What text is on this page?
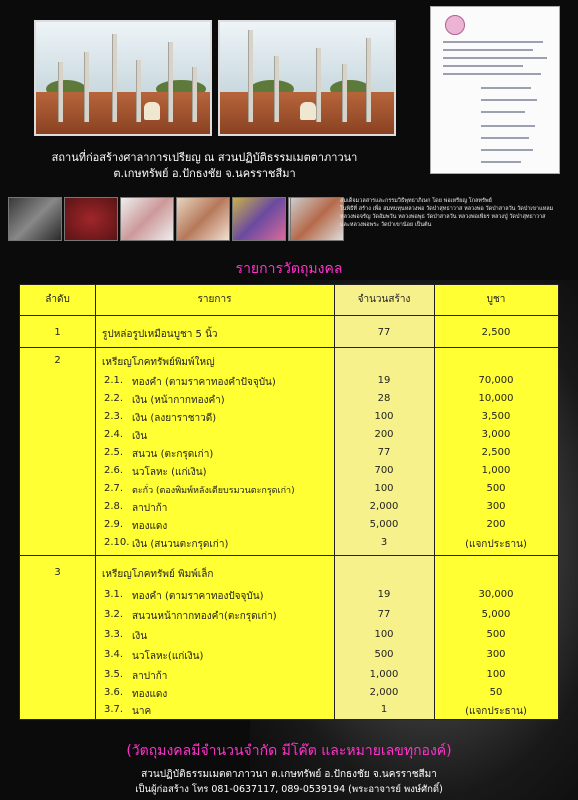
สถานที่ก่อสร้างศาลาการเปรียญ ณ สวนปฏิบัติธรรมเมตตาภาวนา
ต.เกษทรัพย์ อ.ปักธงชัย จ.นครราชสีมา
สมเด็จมวลสารและกรรมวิธีพุทธาภิเษก โดย พ่อเหรียญ โกลทรัพย์
ในพิธีที่ สร้าง เพื่อ สมทบทุนหลวงพ่อ วัดป่าสุทธาวาส หลวงพ่อ วัดป่าสาลวัน วัดป่าเขาแหลม
หลวงพ่อจรัญ วัดอัมพวัน หลวงพ่อพุธ วัดป่าสาลวัน หลวงพ่อเพียร หลวงปู่ วัดป่าสุทธาวาส
และหลวงพ่อพระ วัดป่าเขาน้อย เป็นต้น
รายการวัตถุมงคล
ลำดับ	รายการ	จำนวนสร้าง	บูชา
1	รูปหล่อรูปเหมือนบูชา 5 นิ้ว	77	2,500
2	เหรียญโภคทรัพย์พิมพ์ใหญ่
2.1. ทองคำ (ตามราคาทองคำปัจจุบัน)	19	70,000
2.2. เงิน (หน้ากากทองคำ)	28	10,000
2.3. เงิน (ลงยาราชาวดี)	100	3,500
2.4. เงิน	200	3,000
2.5. สนวน (ตะกรุดเก่า)	77	2,500
2.6. นวโลหะ (แก่เงิน)	700	1,000
2.7. ตะกั่ว (ตองพิมพ์หลังเตียบรมวนตะกรุดเก่า)	100	500
2.8. ลาปาก้า	2,000	300
2.9. ทองแดง	5,000	200
2.10. เงิน (สนวนตะกรุดเก่า)	3	(แจกประธาน)
3	เหรียญโภคทรัพย์ พิมพ์เล็ก
3.1. ทองคำ (ตามราคาทองปัจจุบัน)	19	30,000
3.2. สนวนหน้ากากทองคำ(ตะกรุดเก่า)	77	5,000
3.3. เงิน	100	500
3.4. นวโลหะ(แก่เงิน)	500	300
3.5. ลาปาก้า	1,000	100
3.6. ทองแดง	2,000	50
3.7. นาค	1	(แจกประธาน)
(วัตถุมงคลมีจำนวนจำกัด มีโค๊ต และหมายเลขทุกองค์)
สวนปฏิบัติธรรมเมตตาภาวนา ต.เกษทรัพย์ อ.ปักธงชัย จ.นครราชสีมา
เป็นผู้ก่อสร้าง โทร 081-0637117, 089-0539194 (พระอาจารย์ พงษ์ศักดิ์)
